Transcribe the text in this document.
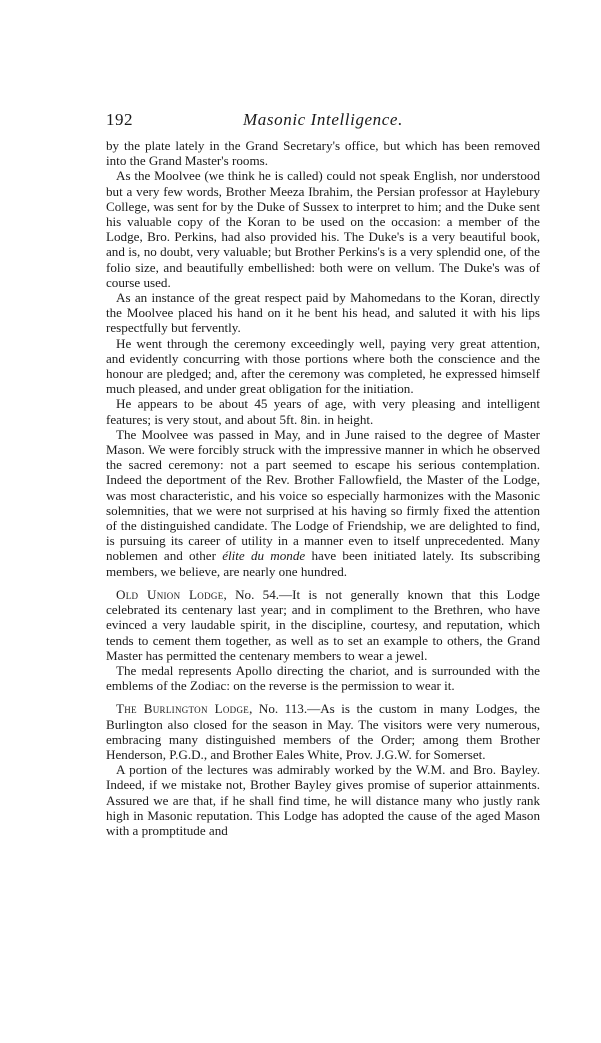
192	Masonic Intelligence.

by the plate lately in the Grand Secretary's office, but which has been removed into the Grand Master's rooms.

As the Moolvee (we think he is called) could not speak English, nor understood but a very few words, Brother Meeza Ibrahim, the Persian professor at Haylebury College, was sent for by the Duke of Sussex to interpret to him; and the Duke sent his valuable copy of the Koran to be used on the occasion: a member of the Lodge, Bro. Perkins, had also provided his. The Duke's is a very beautiful book, and is, no doubt, very valuable; but Brother Perkins's is a very splendid one, of the folio size, and beautifully embellished: both were on vellum. The Duke's was of course used.

As an instance of the great respect paid by Mahomedans to the Koran, directly the Moolvee placed his hand on it he bent his head, and saluted it with his lips respectfully but fervently.

He went through the ceremony exceedingly well, paying very great attention, and evidently concurring with those portions where both the conscience and the honour are pledged; and, after the ceremony was completed, he expressed himself much pleased, and under great obligation for the initiation.

He appears to be about 45 years of age, with very pleasing and intelligent features; is very stout, and about 5ft. 8in. in height.

The Moolvee was passed in May, and in June raised to the degree of Master Mason. We were forcibly struck with the impressive manner in which he observed the sacred ceremony: not a part seemed to escape his serious contemplation. Indeed the deportment of the Rev. Brother Fallowfield, the Master of the Lodge, was most characteristic, and his voice so especially harmonizes with the Masonic solemnities, that we were not surprised at his having so firmly fixed the attention of the distinguished candidate. The Lodge of Friendship, we are delighted to find, is pursuing its career of utility in a manner even to itself unprecedented. Many noblemen and other élite du monde have been initiated lately. Its subscribing members, we believe, are nearly one hundred.

Old Union Lodge, No. 54.—It is not generally known that this Lodge celebrated its centenary last year; and in compliment to the Brethren, who have evinced a very laudable spirit, in the discipline, courtesy, and reputation, which tends to cement them together, as well as to set an example to others, the Grand Master has permitted the centenary members to wear a jewel.

The medal represents Apollo directing the chariot, and is surrounded with the emblems of the Zodiac: on the reverse is the permission to wear it.

The Burlington Lodge, No. 113.—As is the custom in many Lodges, the Burlington also closed for the season in May. The visitors were very numerous, embracing many distinguished members of the Order; among them Brother Henderson, P.G.D., and Brother Eales White, Prov. J.G.W. for Somerset.

A portion of the lectures was admirably worked by the W.M. and Bro. Bayley. Indeed, if we mistake not, Brother Bayley gives promise of superior attainments. Assured we are that, if he shall find time, he will distance many who justly rank high in Masonic reputation. This Lodge has adopted the cause of the aged Mason with a promptitude and
